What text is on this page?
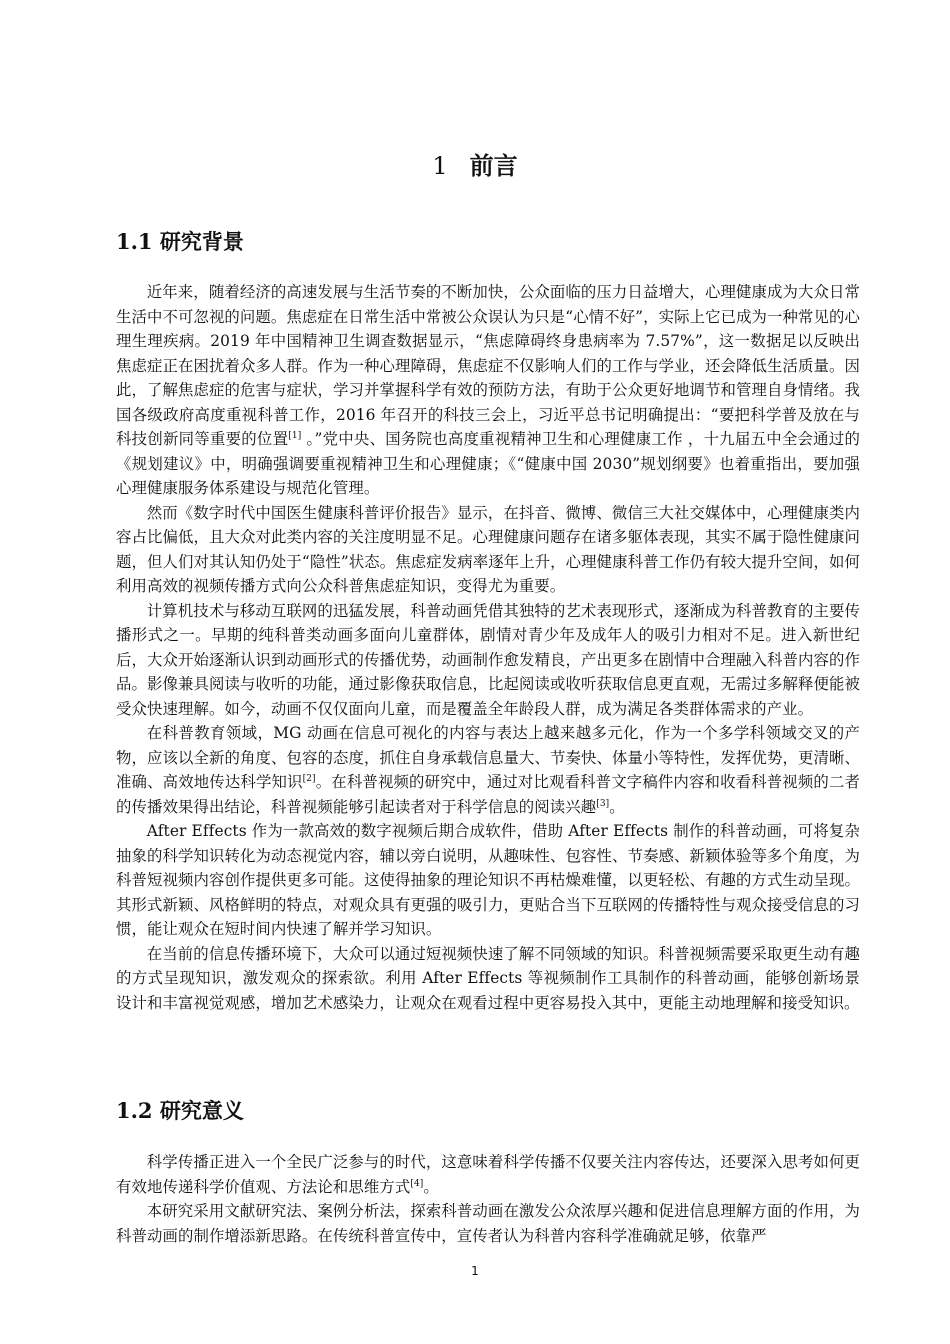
1 前言
1.1 研究背景

近年来，随着经济的高速发展与生活节奏的不断加快，公众面临的压力日益增大，心理健康成为大众日常生活中不可忽视的问题。焦虑症在日常生活中常被公众误认为只是“心情不好”，实际上它已成为一种常见的心理生理疾病。2019 年中国精神卫生调查数据显示，“焦虑障碍终身患病率为 7.57%”，这一数据足以反映出焦虑症正在困扰着众多人群。作为一种心理障碍，焦虑症不仅影响人们的工作与学业，还会降低生活质量。因此，了解焦虑症的危害与症状，学习并掌握科学有效的预防方法，有助于公众更好地调节和管理自身情绪。我国各级政府高度重视科普工作，2016 年召开的科技三会上，习近平总书记明确提出：“要把科学普及放在与科技创新同等重要的位置[1] 。”党中央、国务院也高度重视精神卫生和心理健康工作 ，十九届五中全会通过的《规划建议》中，明确强调要重视精神卫生和心理健康；《“健康中国 2030”规划纲要》也着重指出，要加强心理健康服务体系建设与规范化管理。

然而《数字时代中国医生健康科普评价报告》显示，在抖音、微博、微信三大社交媒体中，心理健康类内容占比偏低，且大众对此类内容的关注度明显不足。心理健康问题存在诸多躯体表现，其实不属于隐性健康问题，但人们对其认知仍处于“隐性”状态。焦虑症发病率逐年上升，心理健康科普工作仍有较大提升空间，如何利用高效的视频传播方式向公众科普焦虑症知识，变得尤为重要。

计算机技术与移动互联网的迅猛发展，科普动画凭借其独特的艺术表现形式，逐渐成为科普教育的主要传播形式之一。早期的纯科普类动画多面向儿童群体，剧情对青少年及成年人的吸引力相对不足。进入新世纪后，大众开始逐渐认识到动画形式的传播优势，动画制作愈发精良，产出更多在剧情中合理融入科普内容的作品。影像兼具阅读与收听的功能，通过影像获取信息，比起阅读或收听获取信息更直观，无需过多解释便能被受众快速理解。如今，动画不仅仅面向儿童，而是覆盖全年龄段人群，成为满足各类群体需求的产业。

在科普教育领域，MG 动画在信息可视化的内容与表达上越来越多元化，作为一个多学科领域交叉的产物，应该以全新的角度、包容的态度，抓住自身承载信息量大、节奏快、体量小等特性，发挥优势，更清晰、准确、高效地传达科学知识[2]。在科普视频的研究中，通过对比观看科普文字稿件内容和收看科普视频的二者的传播效果得出结论，科普视频能够引起读者对于科学信息的阅读兴趣[3]。

After Effects 作为一款高效的数字视频后期合成软件，借助 After Effects 制作的科普动画，可将复杂抽象的科学知识转化为动态视觉内容，辅以旁白说明，从趣味性、包容性、节奏感、新颖体验等多个角度，为科普短视频内容创作提供更多可能。这使得抽象的理论知识不再枯燥难懂，以更轻松、有趣的方式生动呈现。其形式新颖、风格鲜明的特点，对观众具有更强的吸引力，更贴合当下互联网的传播特性与观众接受信息的习惯，能让观众在短时间内快速了解并学习知识。

在当前的信息传播环境下，大众可以通过短视频快速了解不同领域的知识。科普视频需要采取更生动有趣的方式呈现知识，激发观众的探索欲。利用 After Effects 等视频制作工具制作的科普动画，能够创新场景设计和丰富视觉观感，增加艺术感染力，让观众在观看过程中更容易投入其中，更能主动地理解和接受知识。

1.2 研究意义

科学传播正进入一个全民广泛参与的时代，这意味着科学传播不仅要关注内容传达，还要深入思考如何更有效地传递科学价值观、方法论和思维方式[4]。

本研究采用文献研究法、案例分析法，探索科普动画在激发公众浓厚兴趣和促进信息理解方面的作用，为科普动画的制作增添新思路。在传统科普宣传中，宣传者认为科普内容科学准确就足够，依靠严

1
